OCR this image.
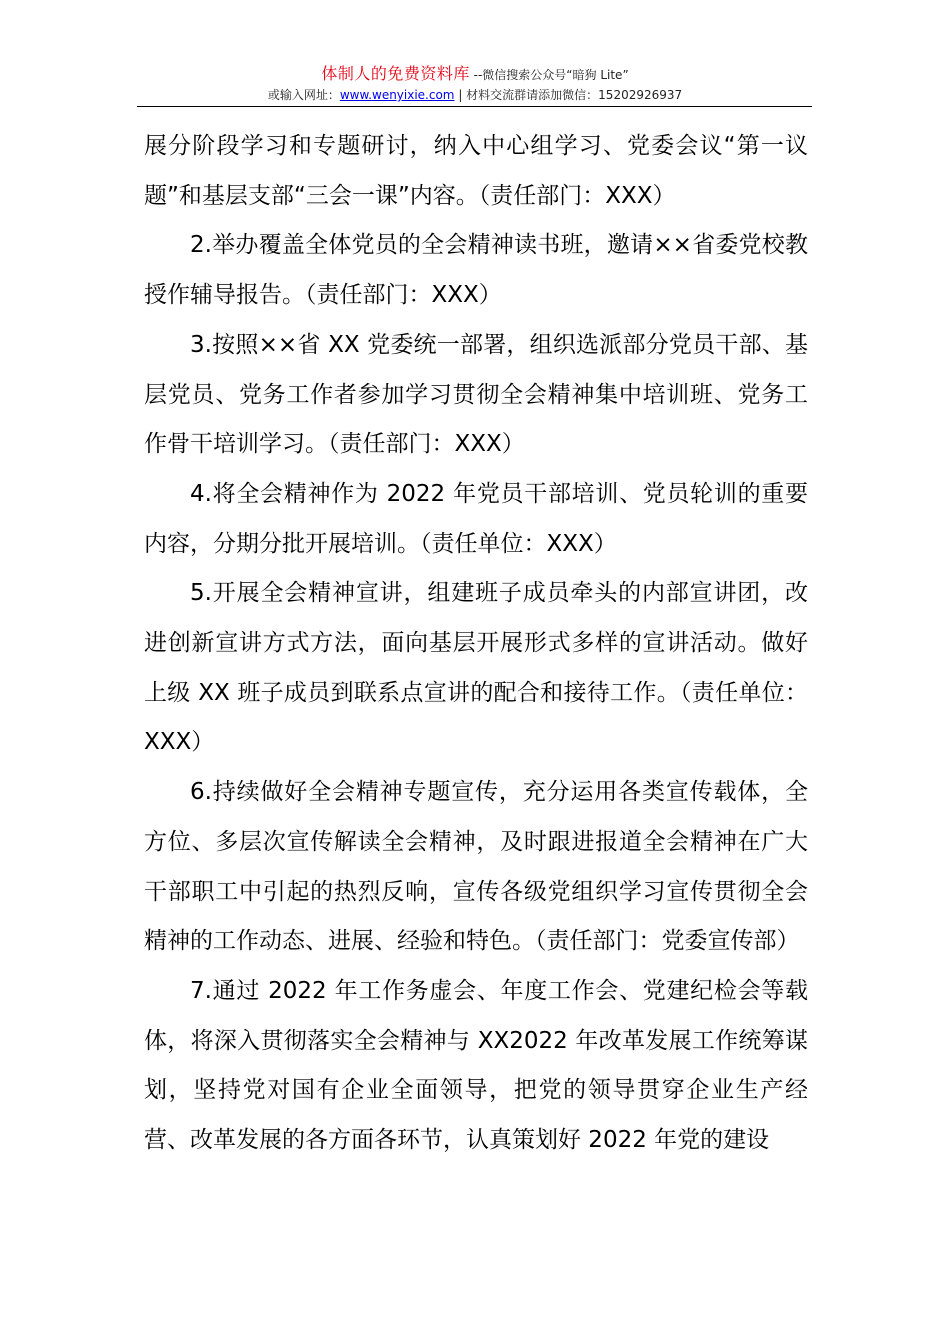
体制人的免费资料库 --微信搜索公众号“暗狗 Lite”
或输入网址：www.wenyixie.com | 材料交流群请添加微信：15202926937

展分阶段学习和专题研讨，纳入中心组学习、党委会议“第一议题”和基层支部“三会一课”内容。（责任部门：XXX）

2.举办覆盖全体党员的全会精神读书班，邀请××省委党校教授作辅导报告。（责任部门：XXX）

3.按照××省 XX 党委统一部署，组织选派部分党员干部、基层党员、党务工作者参加学习贯彻全会精神集中培训班、党务工作骨干培训学习。（责任部门：XXX）

4.将全会精神作为 2022 年党员干部培训、党员轮训的重要内容，分期分批开展培训。（责任单位：XXX）

5.开展全会精神宣讲，组建班子成员牵头的内部宣讲团，改进创新宣讲方式方法，面向基层开展形式多样的宣讲活动。做好上级 XX 班子成员到联系点宣讲的配合和接待工作。（责任单位：XXX）

6.持续做好全会精神专题宣传，充分运用各类宣传载体，全方位、多层次宣传解读全会精神，及时跟进报道全会精神在广大干部职工中引起的热烈反响，宣传各级党组织学习宣传贯彻全会精神的工作动态、进展、经验和特色。（责任部门：党委宣传部）

7.通过 2022 年工作务虚会、年度工作会、党建纪检会等载体，将深入贯彻落实全会精神与 XX2022 年改革发展工作统筹谋划，坚持党对国有企业全面领导，把党的领导贯穿企业生产经营、改革发展的各方面各环节，认真策划好 2022 年党的建设
